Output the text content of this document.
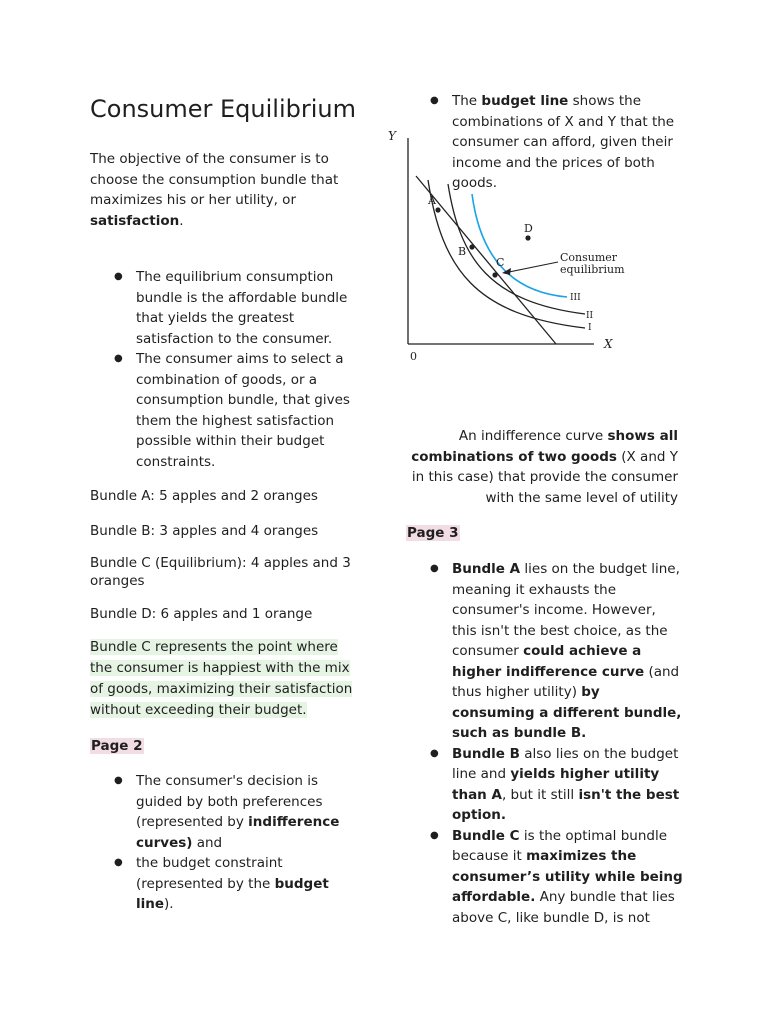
Consumer Equilibrium

The objective of the consumer is to choose the consumption bundle that maximizes his or her utility, or satisfaction.

● The equilibrium consumption bundle is the affordable bundle that yields the greatest satisfaction to the consumer.
● The consumer aims to select a combination of goods, or a consumption bundle, that gives them the highest satisfaction possible within their budget constraints.

Bundle A: 5 apples and 2 oranges

Bundle B: 3 apples and 4 oranges

Bundle C (Equilibrium): 4 apples and 3 oranges

Bundle D: 6 apples and 1 orange

Bundle C represents the point where the consumer is happiest with the mix of goods, maximizing their satisfaction without exceeding their budget.

Page 2
● The consumer's decision is guided by both preferences (represented by indifference curves) and
● the budget constraint (represented by the budget line).
● The budget line shows the combinations of X and Y that the consumer can afford, given their income and the prices of both goods.
Y
X
0
A
B
C
D
Consumer
equilibrium
III
II
I

An indifference curve shows all combinations of two goods (X and Y in this case) that provide the consumer with the same level of utility

Page 3
● Bundle A lies on the budget line, meaning it exhausts the consumer's income. However, this isn't the best choice, as the consumer could achieve a higher indifference curve (and thus higher utility) by consuming a different bundle, such as bundle B.
● Bundle B also lies on the budget line and yields higher utility than A, but it still isn't the best option.
● Bundle C is the optimal bundle because it maximizes the consumer’s utility while being affordable. Any bundle that lies above C, like bundle D, is not
